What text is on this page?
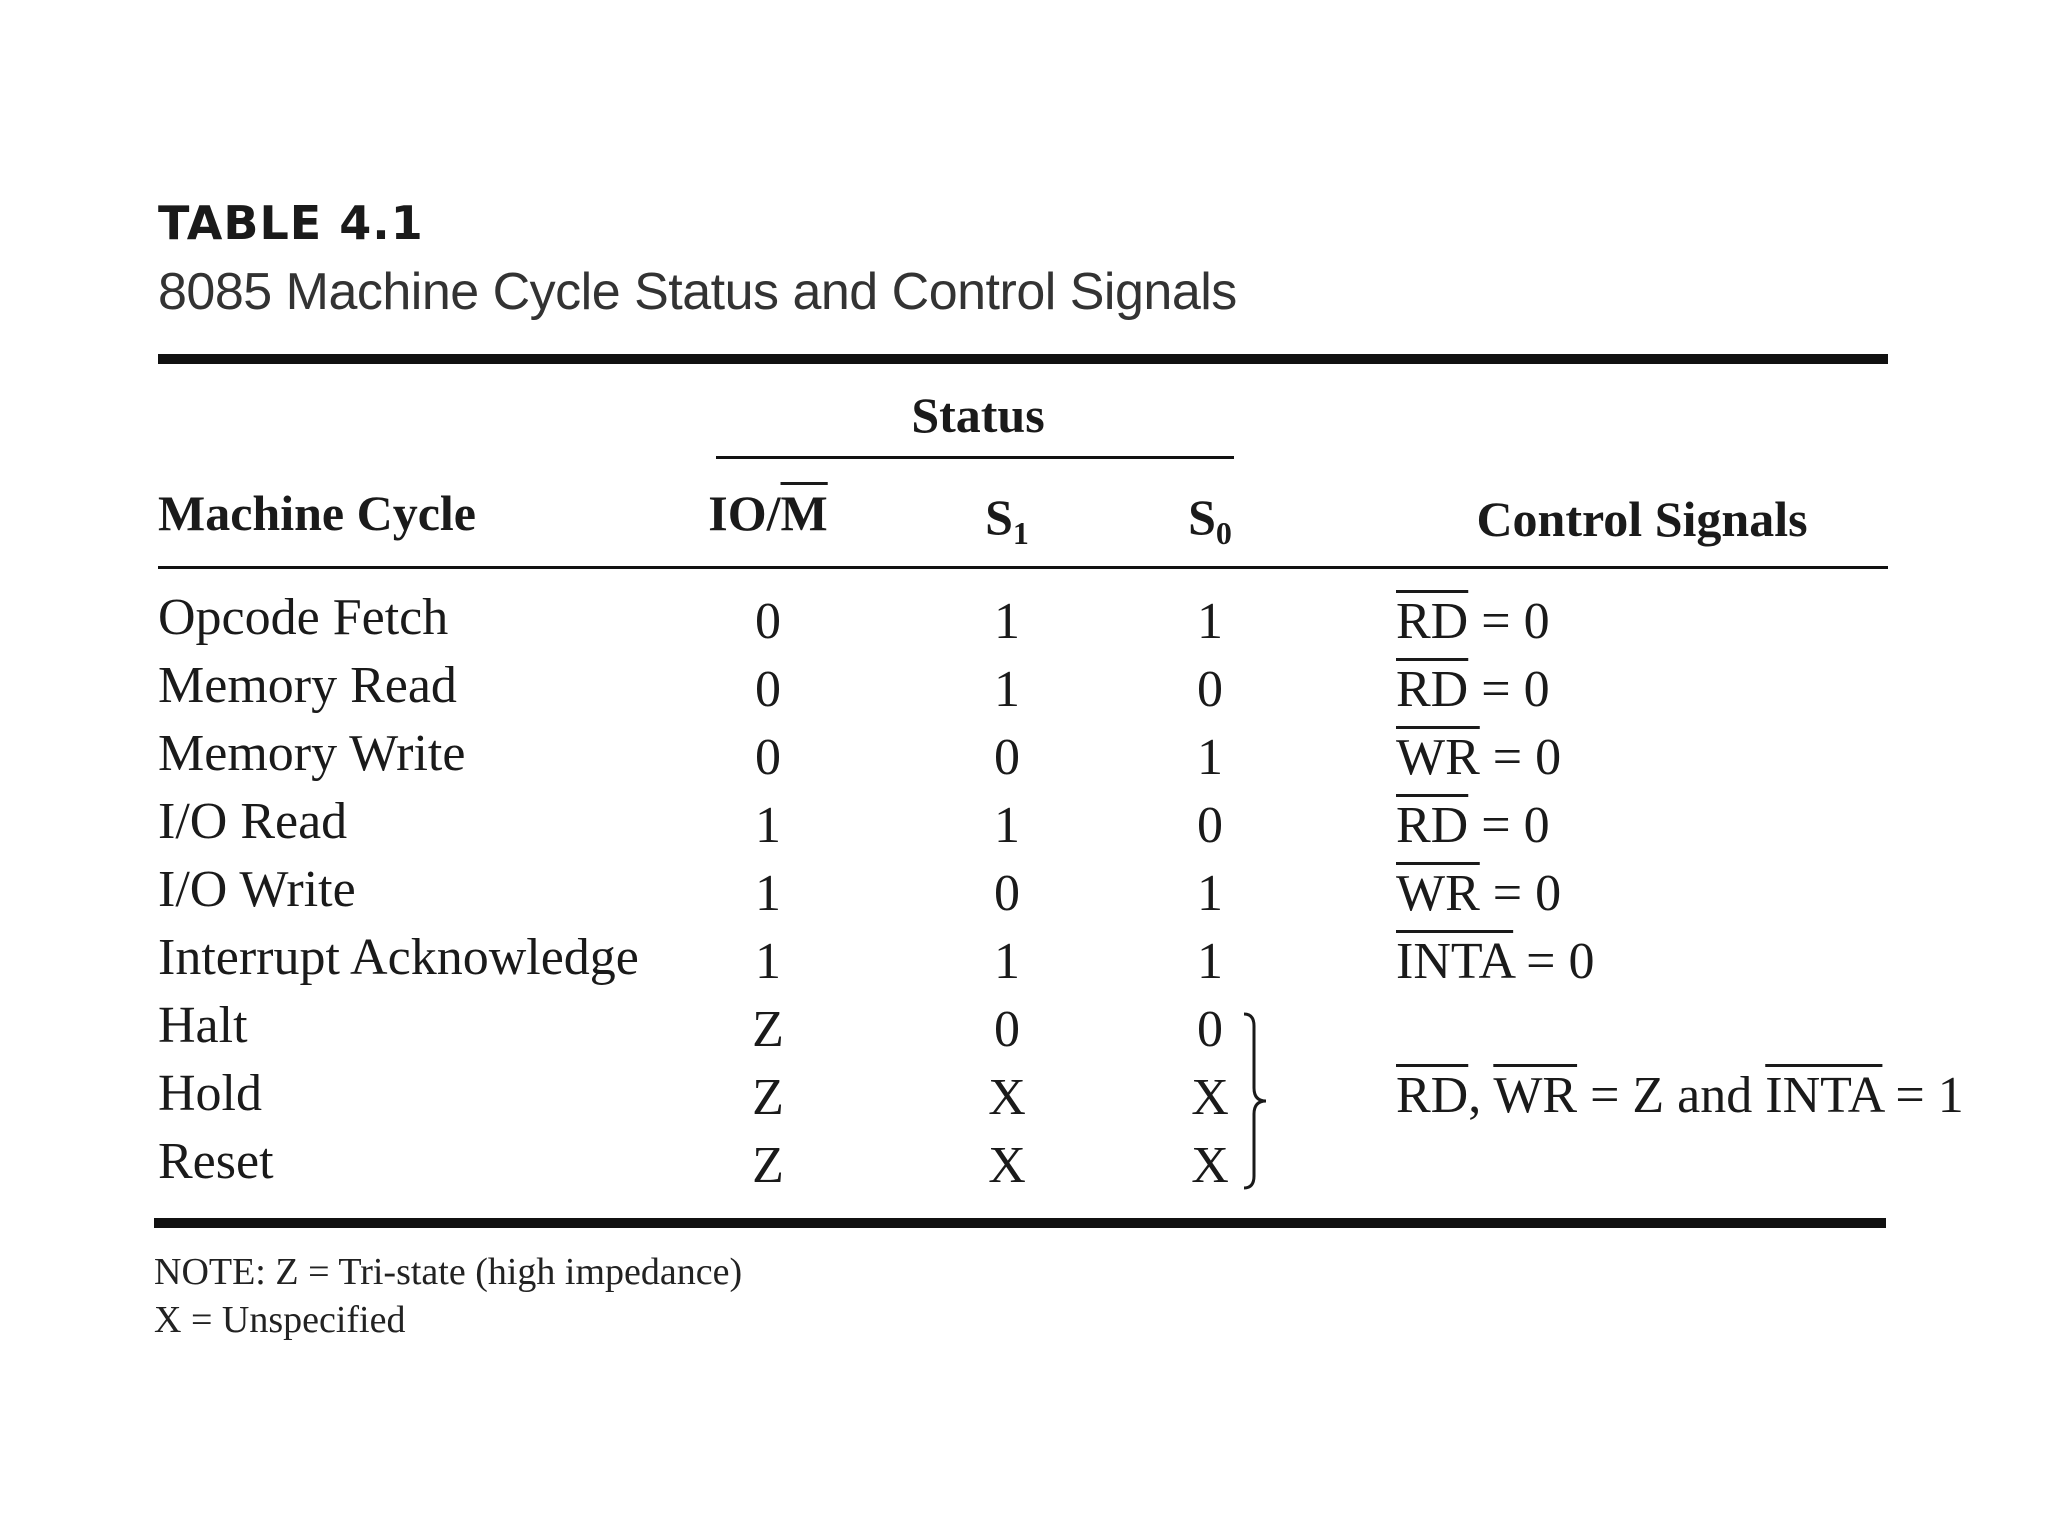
TABLE 4.1
8085 Machine Cycle Status and Control Signals
Status
Machine Cycle	$IO/\overline{M}$	$S_1$	$S_0$	Control Signals
Opcode Fetch	0	1	1	$\overline{RD} = 0$
Memory Read	0	1	0	$\overline{RD} = 0$
Memory Write	0	0	1	$\overline{WR} = 0$
I/O Read	1	1	0	$\overline{RD} = 0$
I/O Write	1	0	1	$\overline{WR} = 0$
Interrupt Acknowledge 1	1	1	INTA = 0
Halt	Z	0	0
Hold	Z	X	X
Reset	Z	X	X
$\overline{RD}$, $\overline{WR} = Z$ and INTA = 1
NOTE: Z = Tri-state (high impedance)
X = Unspecified
